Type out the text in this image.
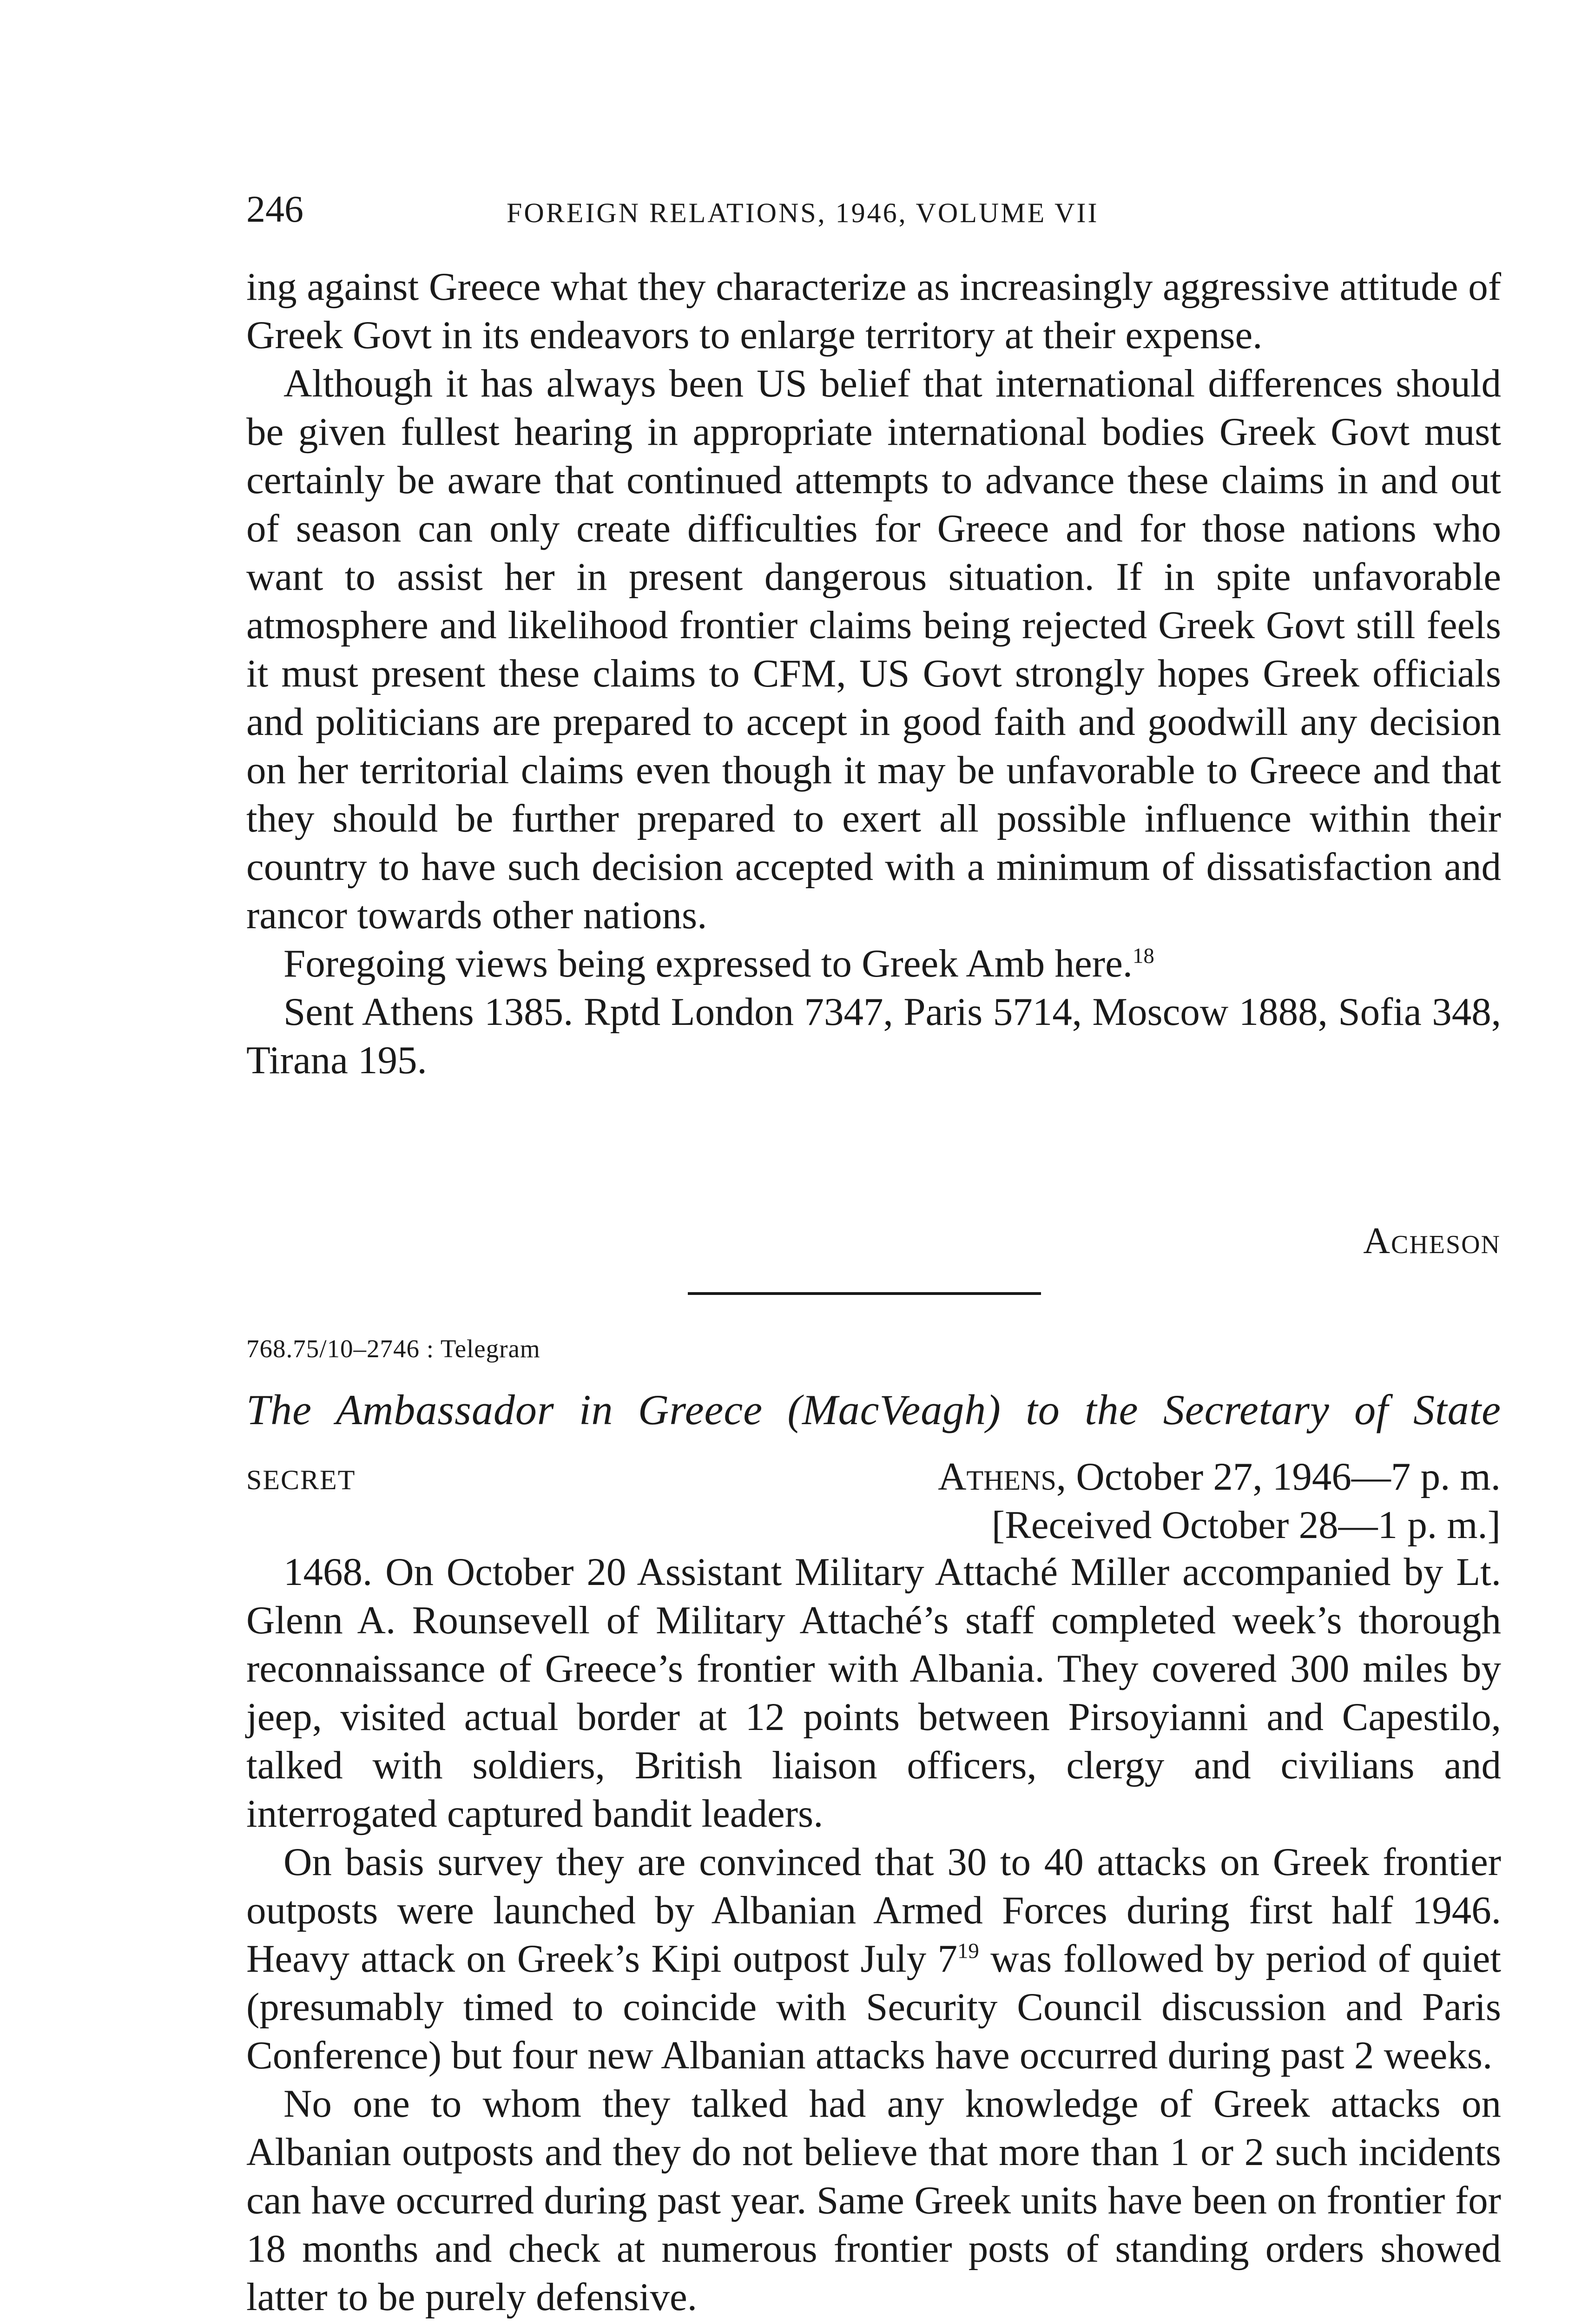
246	FOREIGN RELATIONS, 1946, VOLUME VII

ing against Greece what they characterize as increasingly aggressive attitude of Greek Govt in its endeavors to enlarge territory at their expense.

Although it has always been US belief that international differences should be given fullest hearing in appropriate international bodies Greek Govt must certainly be aware that continued attempts to advance these claims in and out of season can only create difficulties for Greece and for those nations who want to assist her in present dangerous situation. If in spite unfavorable atmosphere and likelihood frontier claims being rejected Greek Govt still feels it must present these claims to CFM, US Govt strongly hopes Greek officials and politicians are prepared to accept in good faith and goodwill any decision on her territorial claims even though it may be unfavorable to Greece and that they should be further prepared to exert all possible influence within their country to have such decision accepted with a minimum of dissatisfaction and rancor towards other nations.

Foregoing views being expressed to Greek Amb here.$^{18}$

Sent Athens 1385. Rptd London 7347, Paris 5714, Moscow 1888, Sofia 348, Tirana 195.

Acheson
768.75/10–2746 : Telegram
The Ambassador in Greece (MacVeagh) to the Secretary of State
SECRET	Athens, October 27, 1946—7 p. m.
[Received October 28—1 p. m.]

1468. On October 20 Assistant Military Attaché Miller accompanied by Lt. Glenn A. Rounsevell of Military Attaché’s staff completed week’s thorough reconnaissance of Greece’s frontier with Albania. They covered 300 miles by jeep, visited actual border at 12 points between Pirsoyianni and Capestilo, talked with soldiers, British liaison officers, clergy and civilians and interrogated captured bandit leaders.

On basis survey they are convinced that 30 to 40 attacks on Greek frontier outposts were launched by Albanian Armed Forces during first half 1946. Heavy attack on Greek’s Kipi outpost July $7^{19}$ was followed by period of quiet (presumably timed to coincide with Security Council discussion and Paris Conference) but four new Albanian attacks have occurred during past 2 weeks.

No one to whom they talked had any knowledge of Greek attacks on Albanian outposts and they do not believe that more than 1 or 2 such incidents can have occurred during past year. Same Greek units have been on frontier for 18 months and check at numerous frontier posts of standing orders showed latter to be purely defensive.
